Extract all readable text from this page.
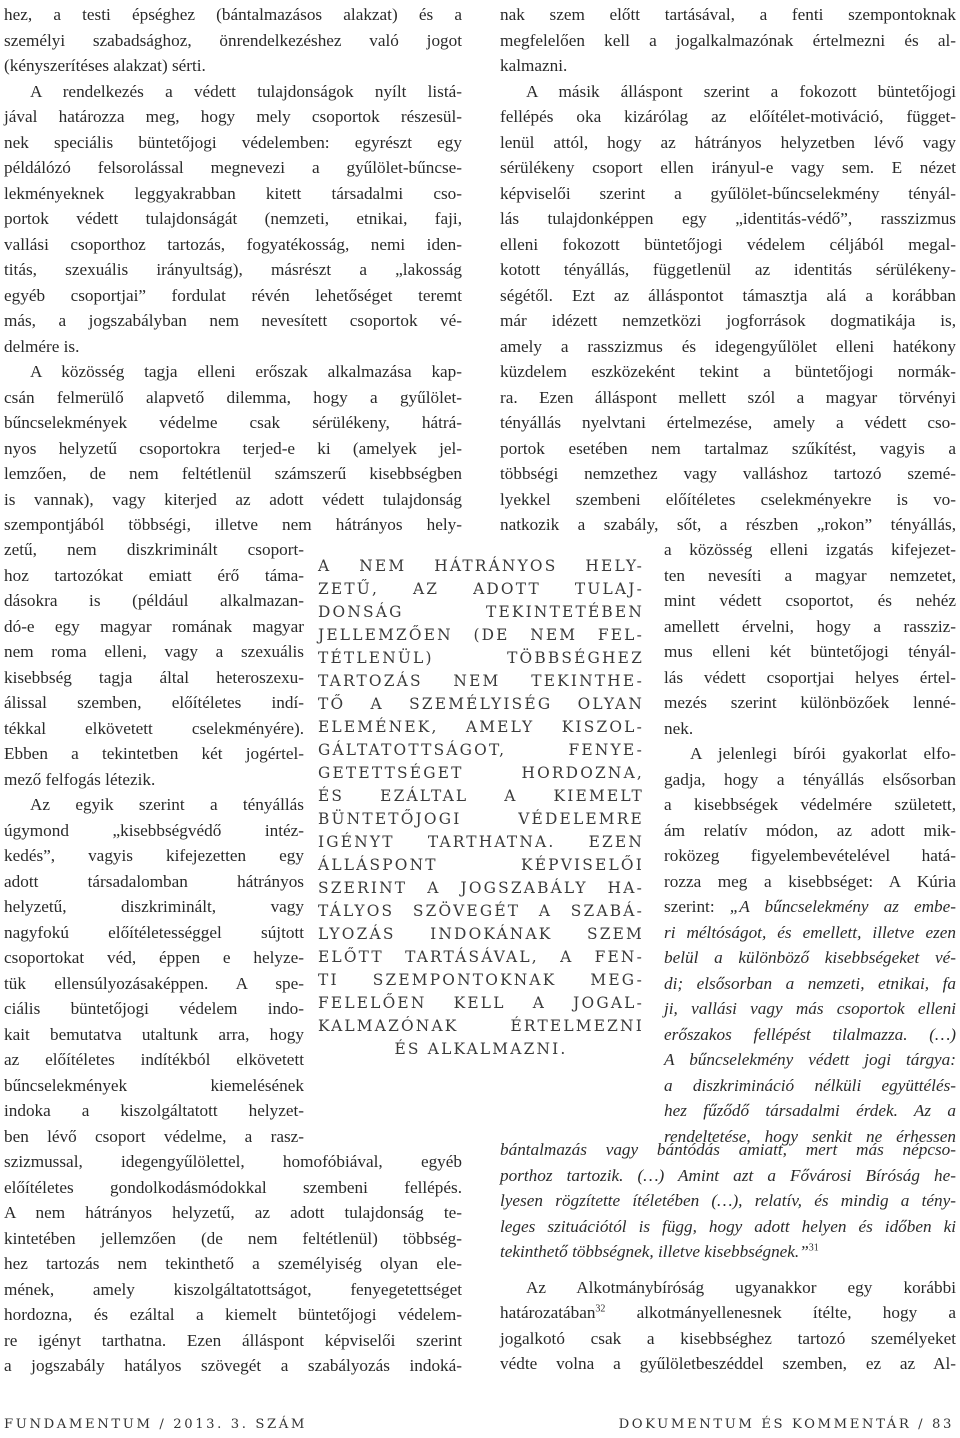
hez, a testi épséghez (bántalmazásos alakzat) és a
személyi szabadsághoz, önrendelkezéshez való jogot
(kényszerítéses alakzat) sérti.
A rendelkezés a védett tulajdonságok nyílt listá-
jával határozza meg, hogy mely csoportok részesül-
nek speciális büntetőjogi védelemben: egyrészt egy
példálózó felsorolással megnevezi a gyűlölet-bűncse-
lekményeknek leggyakrabban kitett társadalmi cso-
portok védett tulajdonságát (nemzeti, etnikai, faji,
vallási csoporthoz tartozás, fogyatékosság, nemi iden-
titás, szexuális irányultság), másrészt a „lakosság
egyéb csoportjai” fordulat révén lehetőséget teremt
más, a jogszabályban nem nevesített csoportok vé-
delmére is.
A közösség tagja elleni erőszak alkalmazása kap-
csán felmerülő alapvető dilemma, hogy a gyűlölet-
bűncselekmények védelme csak sérülékeny, hátrá-
nyos helyzetű csoportokra terjed-e ki (amelyek jel-
lemzően, de nem feltétlenül számszerű kisebbségben
is vannak), vagy kiterjed az adott védett tulajdonság
szempontjából többségi, illetve nem hátrányos hely-
zetű, nem diszkriminált csoport-
hoz tartozókat emiatt érő táma-
dásokra is (például alkalmazan-
dó-e egy magyar romának magyar
nem roma elleni, vagy a szexuális
kisebbség tagja által heteroszexu-
álissal szemben, előítéletes indí-
tékkal elkövetett cselekményére).
Ebben a tekintetben két jogértel-
mező felfogás létezik.
Az egyik szerint a tényállás
úgymond „kisebbségvédő intéz-
kedés”, vagyis kifejezetten egy
adott társadalomban hátrányos
helyzetű, diszkriminált, vagy
nagyfokú előítéletességgel sújtott
csoportokat véd, éppen e helyze-
tük ellensúlyozásaképpen. A spe-
ciális büntetőjogi védelem indo-
kait bemutatva utaltunk arra, hogy
az előítéletes indítékból elkövetett
bűncselekmények kiemelésének
indoka a kiszolgáltatott helyzet-
ben lévő csoport védelme, a rasz-
szizmussal, idegengyűlölettel, homofóbiával, egyéb
előítéletes gondolkodásmódokkal szembeni fellépés.
A nem hátrányos helyzetű, az adott tulajdonság te-
kintetében jellemzően (de nem feltétlenül) többség-
hez tartozás nem tekinthető a személyiség olyan ele-
mének, amely kiszolgáltatottságot, fenyegetettséget
hordozna, és ezáltal a kiemelt büntetőjogi védelem-
re igényt tarthatna. Ezen álláspont képviselői szerint
a jogszabály hatályos szövegét a szabályozás indoká-
A NEM HÁTRÁNYOS HELY-
ZETŰ, AZ ADOTT TULAJ-
DONSÁG TEKINTETÉBEN
JELLEMZŐEN (DE NEM FEL-
TÉTLENÜL) TÖBBSÉGHEZ
TARTOZÁS NEM TEKINTHE-
TŐ A SZEMÉLYISÉG OLYAN
ELEMÉNEK, AMELY KISZOL-
GÁLTATOTTSÁGOT, FENYE-
GETETTSÉGET HORDOZNA,
ÉS EZÁLTAL A KIEMELT
BÜNTETŐJOGI VÉDELEMRE
IGÉNYT TARTHATNA. EZEN
ÁLLÁSPONT KÉPVISELŐI
SZERINT A JOGSZABÁLY HA-
TÁLYOS SZÖVEGÉT A SZABÁ-
LYOZÁS INDOKÁNAK SZEM
ELŐTT TARTÁSÁVAL, A FEN-
TI SZEMPONTOKNAK MEG-
FELELŐEN KELL A JOGAL-
KALMAZÓNAK ÉRTELMEZNI
ÉS ALKALMAZNI.
nak szem előtt tartásával, a fenti szempontoknak
megfelelően kell a jogalkalmazónak értelmezni és al-
kalmazni.
A másik álláspont szerint a fokozott büntetőjogi
fellépés oka kizárólag az előítélet-motiváció, függet-
lenül attól, hogy az hátrányos helyzetben lévő vagy
sérülékeny csoport ellen irányul-e vagy sem. E nézet
képviselői szerint a gyűlölet-bűncselekmény tényál-
lás tulajdonképpen egy „identitás-védő”, rasszizmus
elleni fokozott büntetőjogi védelem céljából megal-
kotott tényállás, függetlenül az identitás sérülékeny-
ségétől. Ezt az álláspontot támasztja alá a korábban
már idézett nemzetközi jogforrások dogmatikája is,
amely a rasszizmus és idegengyűlölet elleni hatékony
küzdelem eszközeként tekint a büntetőjogi normák-
ra. Ezen álláspont mellett szól a magyar törvényi
tényállás nyelvtani értelmezése, amely a védett cso-
portok esetében nem tartalmaz szűkítést, vagyis a
többségi nemzethez vagy valláshoz tartozó szemé-
lyekkel szembeni előítéletes cselekményekre is vo-
natkozik a szabály, sőt, a részben „rokon” tényállás,
a közösség elleni izgatás kifejezet-
ten nevesíti a magyar nemzetet,
mint védett csoportot, és nehéz
amellett érvelni, hogy a rassziz-
mus elleni két büntetőjogi tényál-
lás védett csoportjai helyes értel-
mezés szerint különbözőek lenné-
nek.
A jelenlegi bírói gyakorlat elfo-
gadja, hogy a tényállás elsősorban
a kisebbségek védelmére született,
ám relatív módon, az adott mik-
roközeg figyelembevételével hatá-
rozza meg a kisebbséget: A Kúria
szerint: „A bűncselekmény az embe-
ri méltóságot, és emellett, illetve ezen
belül a különböző kisebbségeket vé-
di; elsősorban a nemzeti, etnikai, fa
ji, vallási vagy más csoportok elleni
erőszakos fellépést tilalmazza. (…)
A bűncselekmény védett jogi tárgya:
a diszkrimináció nélküli együttélés-
hez fűződő társadalmi érdek. Az a
rendeltetése, hogy senkit ne érhessen
bántalmazás vagy bántódás amiatt, mert más népcso-
porthoz tartozik. (…) Amint azt a Fővárosi Bíróság he-
lyesen rögzítette ítéletében (…), relatív, és mindig a tény-
leges szituációtól is függ, hogy adott helyen és időben ki
tekinthető többségnek, illetve kisebbségnek.”$^{31}$
Az Alkotmánybíróság ugyanakkor egy korábbi
határozatában$^{32}$ alkotmányellenesnek ítélte, hogy a
jogalkotó csak a kisebbséghez tartozó személyeket
védte volna a gyűlöletbeszéddel szemben, ez az Al-
FUNDAMENTUM / 2013. 3. SZÁM	DOKUMENTUM ÉS KOMMENTÁR / 83
